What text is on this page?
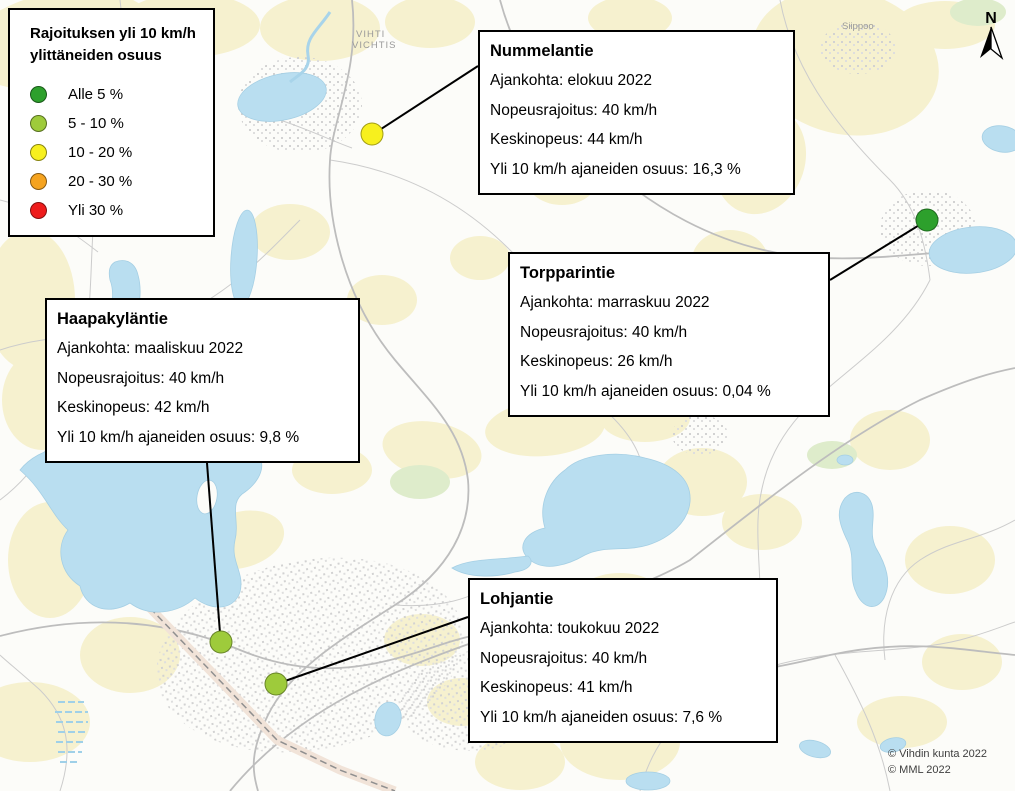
VIHTI
VICHTIS
Siippoo	N
Rajoituksen yli 10 km/h ylittäneiden osuus
Alle 5 %
5 - 10 %
10 - 20 %
20 - 30 %
Yli 30 %
Nummelantie
Ajankohta: elokuu 2022
Nopeusrajoitus: 40 km/h
Keskinopeus: 44 km/h
Yli 10 km/h ajaneiden osuus: 16,3 %
Torpparintie
Ajankohta: marraskuu 2022
Nopeusrajoitus: 40 km/h
Keskinopeus: 26 km/h
Yli 10 km/h ajaneiden osuus: 0,04 %
Haapakyläntie
Ajankohta: maaliskuu 2022
Nopeusrajoitus: 40 km/h
Keskinopeus: 42 km/h
Yli 10 km/h ajaneiden osuus: 9,8 %
Lohjantie
Ajankohta: toukokuu 2022
Nopeusrajoitus: 40 km/h
Keskinopeus: 41 km/h
Yli 10 km/h ajaneiden osuus: 7,6 %
© Vihdin kunta 2022
© MML 2022
